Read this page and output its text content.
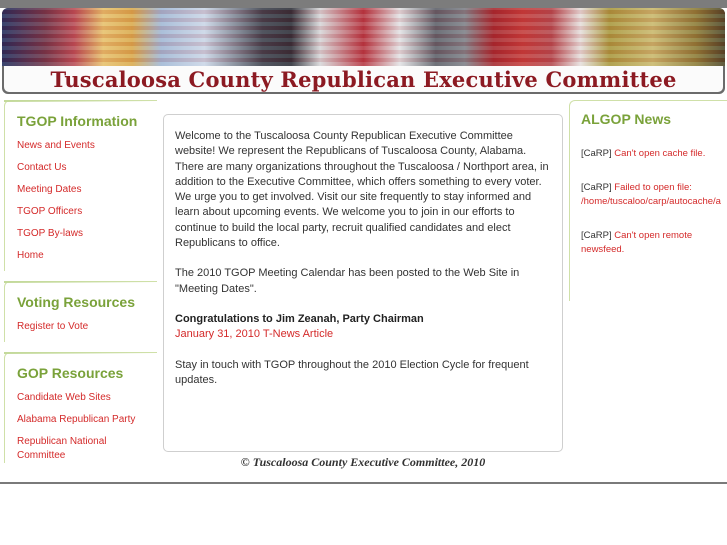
Tuscaloosa County Republican Executive Committee
TGOP Information
News and Events
Contact Us
Meeting Dates
TGOP Officers
TGOP By-laws
Home
Voting Resources
Register to Vote
GOP Resources
Candidate Web Sites
Alabama Republican Party
Republican National
Committee

Welcome to the Tuscaloosa County Republican Executive Committee website! We represent the Republicans of Tuscaloosa County, Alabama. There are many organizations throughout the Tuscaloosa / Northport area, in addition to the Executive Committee, which offers something to every voter. We urge you to get involved. Visit our site frequently to stay informed and learn about upcoming events. We welcome you to join in our efforts to continue to build the local party, recruit qualified candidates and elect Republicans to office.

The 2010 TGOP Meeting Calendar has been posted to the Web Site in "Meeting Dates".

Congratulations to Jim Zeanah, Party Chairman
January 31, 2010 T-News Article

Stay in touch with TGOP throughout the 2010 Election Cycle for frequent updates.

© Tuscaloosa County Executive Committee, 2010
ALGOP News
[CaRP] Can't open cache file.
[CaRP] Failed to open file:
/home/tuscaloo/carp/autocache/a
[CaRP] Can't open remote
newsfeed.
